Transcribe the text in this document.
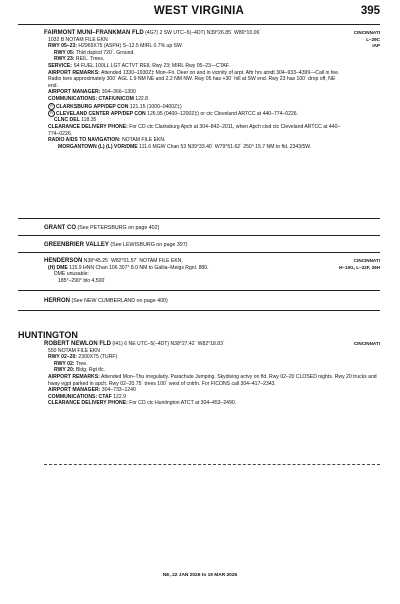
WEST VIRGINIA	395
CINCINNATI
L–29C
IAP

FAIRMONT MUNI–FRANKMAN FLD (4G7) 2 SW UTC–5(–4DT) N39°26.85´ W80°10.06´

1032 B NOTAM FILE EKN

RWY 05–23: H2965X75 (ASPH) S–12.5 MIRL 0.7% up SW

RWY 05: Thld dsplcd 720´. Ground.

RWY 23: REIL. Trees.

SERVICE: S4 FUEL 100LL LGT ACTVT REIL Rwy 23; MIRL Rwy 05–23—CTAF.

AIRPORT REMARKS: Attended 1330–1930Z‡ Mon–Fri. Deer on and in vicinity of arpt. Aftr hrs atndt 304–933–4399—Call in fee. Radio twrs approximately 300´ AGL 1.9 NM NE and 2.2 NM NW. Rwy 05 has +30´ hill at SW end. Rwy 23 has 100´ drop off, NE end.

AIRPORT MANAGER: 304–366–1300

COMMUNICATIONS: CTAF/UNICOM 122.8

R CLARKSBURG APP/DEP CON 121.15 (1000–0400Z‡)

R CLEVELAND CENTER APP/DEP CON 126.95 (0400–1200Z‡) or ctc Cleveland ARTCC at 440–774–0226.

CLNC DEL 118.35

CLEARANCE DELIVERY PHONE: For CD ctc Clarksburg Apch at 304–842–2011, when Apch clsd ctc Cleveland ARTCC at 440–774–0226.

RADIO AIDS TO NAVIGATION: NOTAM FILE EKN.

MORGANTOWN (L) (L) VOR/DME 111.6 MGW Chan 53 N39°33.40´ W79°51.62´ 250° 15.7 NM to fld. 2343/5W.

GRANT CO (See PETERSBURG on page 402)
GREENBRIER VALLEY (See LEWISBURG on page 397)
CINCINNATI
H–10G, L–22F, 26H

HENDERSON N38°45.25´ W82°01.57´ NOTAM FILE EKN.

(H) DME 115.9 HNN Chan 106 307° 8.0 NM to Gallia–Meigs Rgnl. 880.

DME unusable:

185°–290° blo 4,500´

HERRON (See NEW CUMBERLAND on page 400)
HUNTINGTON
CINCINNATI

ROBERT NEWLON FLD (I41) 6 NE UTC–5(–4DT) N38°27.42´ W82°18.83´

550 NOTAM FILE EKN

RWY 02–20: 2300X75 (TURF)

RWY 02: Tree.

RWY 20: Bldg. Rgt tfc.

AIRPORT REMARKS: Attended Mon–Thu irregularly. Parachute Jumping. Skydiving actvy on fld. Rwy 02–20 CLOSED nights. Rwy 20 trucks and hway egpt parked in apch. Rwy 02–20 75´ trees 100´ west of cntrln. For FICONS call 304–417–2343.

AIRPORT MANAGER: 304–733–1240

COMMUNICATIONS: CTAF 122.9

CLEARANCE DELIVERY PHONE: For CD ctc Huntington ATCT at 304–453–2490.

NE, 22 JAN 2026 to 19 MAR 2026
